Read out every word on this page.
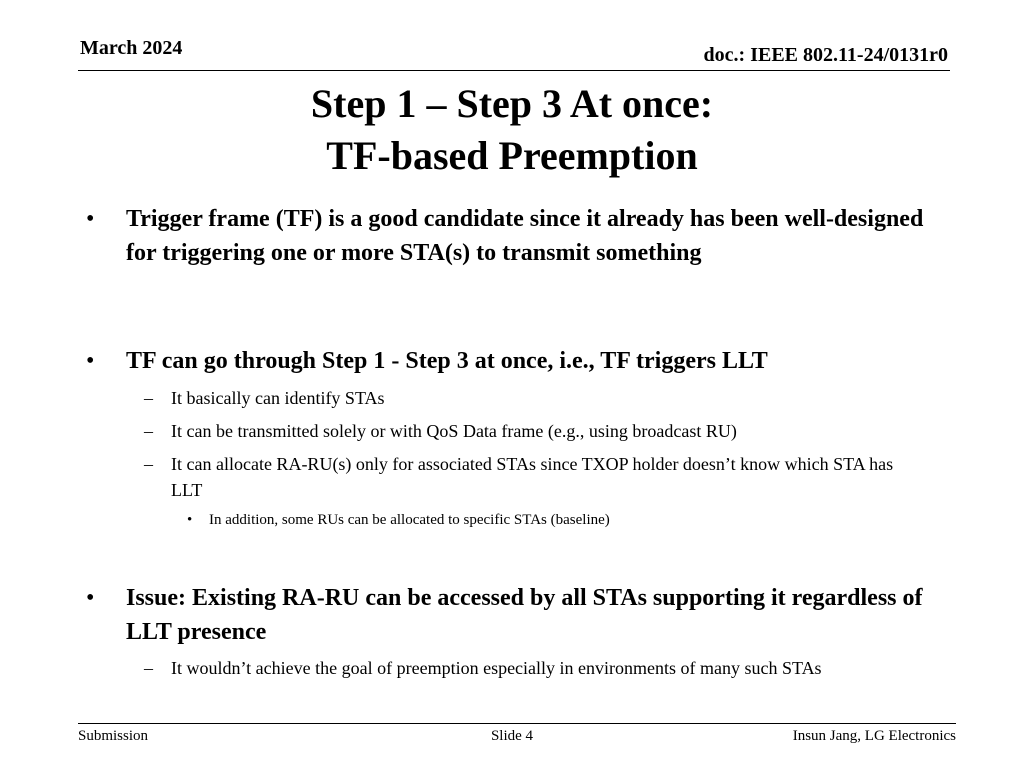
March 2024	doc.: IEEE 802.11-24/0131r0
Step 1 – Step 3 At once:
TF-based Preemption
• Trigger frame (TF) is a good candidate since it already has been well-designed for triggering one or more STA(s) to transmit something
• TF can go through Step 1 - Step 3 at once, i.e., TF triggers LLT
– It basically can identify STAs
– It can be transmitted solely or with QoS Data frame (e.g., using broadcast RU)
– It can allocate RA-RU(s) only for associated STAs since TXOP holder doesn’t know which STA has LLT
• In addition, some RUs can be allocated to specific STAs (baseline)
• Issue: Existing RA-RU can be accessed by all STAs supporting it regardless of LLT presence
– It wouldn’t achieve the goal of preemption especially in environments of many such STAs
Submission	Slide 4	Insun Jang, LG Electronics
